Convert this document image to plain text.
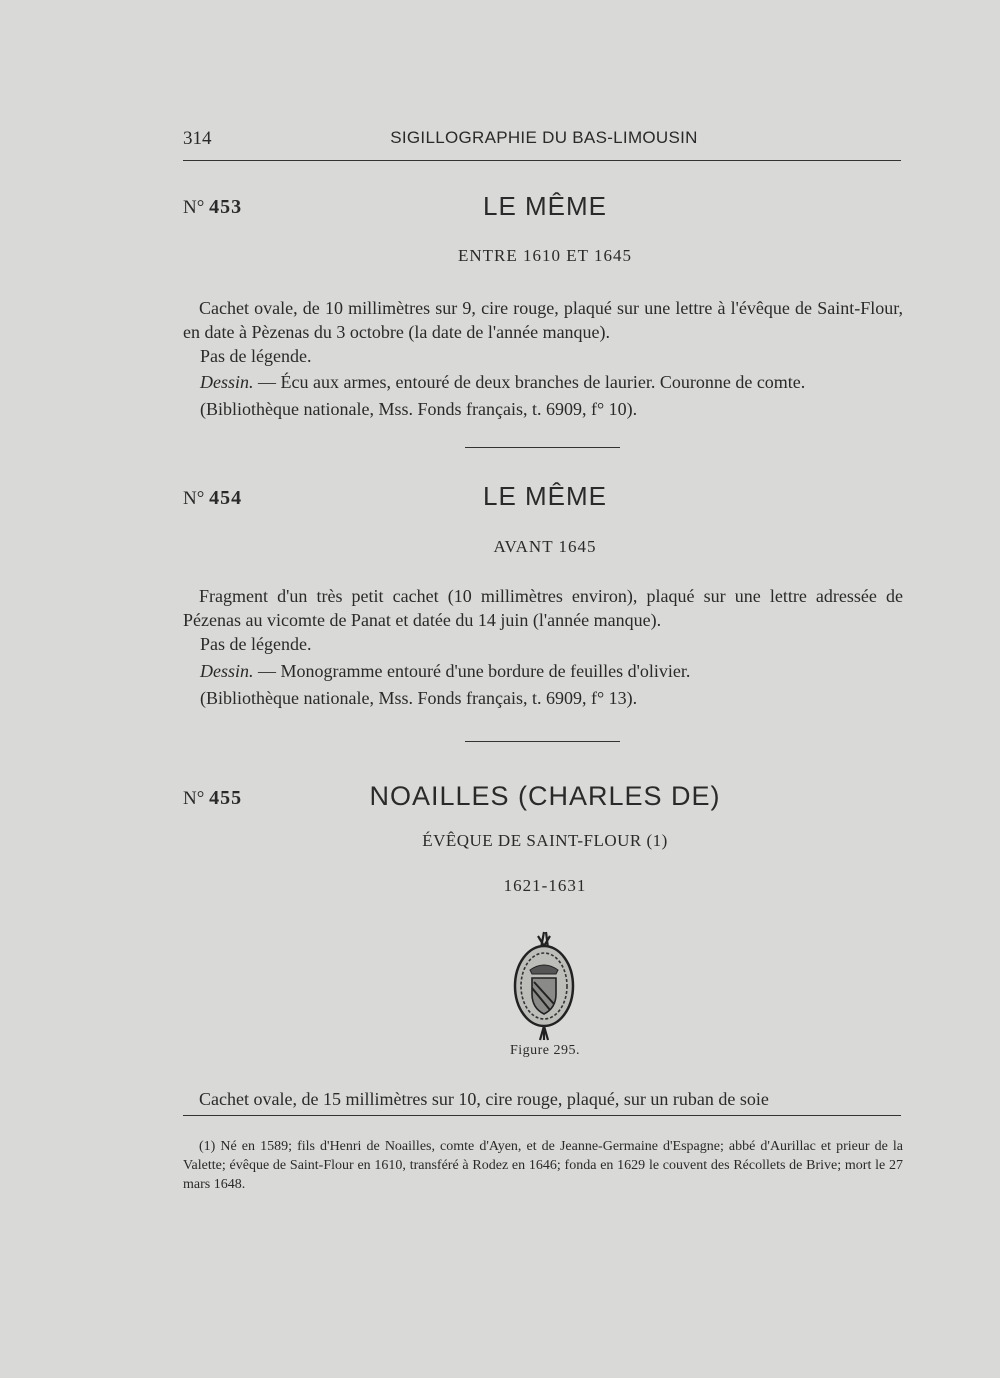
314	SIGILLOGRAPHIE DU BAS-LIMOUSIN
N° 453	LE MÊME
ENTRE 1610 ET 1645
Cachet ovale, de 10 millimètres sur 9, cire rouge, plaqué sur une lettre à l'évêque de Saint-Flour, en date à Pèzenas du 3 octobre (la date de l'année manque).
Pas de légende.
Dessin. — Écu aux armes, entouré de deux branches de laurier. Couronne de comte.
(Bibliothèque nationale, Mss. Fonds français, t. 6909, f° 10).
N° 454	LE MÊME
AVANT 1645
Fragment d'un très petit cachet (10 millimètres environ), plaqué sur une lettre adressée de Pézenas au vicomte de Panat et datée du 14 juin (l'année manque).
Pas de légende.
Dessin. — Monogramme entouré d'une bordure de feuilles d'olivier.
(Bibliothèque nationale, Mss. Fonds français, t. 6909, f° 13).
N° 455	NOAILLES (CHARLES DE)
ÉVÊQUE DE SAINT-FLOUR (1)
1621-1631
Figure 295.
Cachet ovale, de 15 millimètres sur 10, cire rouge, plaqué, sur un ruban de soie
(1) Né en 1589; fils d'Henri de Noailles, comte d'Ayen, et de Jeanne-Germaine d'Espagne; abbé d'Aurillac et prieur de la Valette; évêque de Saint-Flour en 1610, transféré à Rodez en 1646; fonda en 1629 le couvent des Récollets de Brive; mort le 27 mars 1648.
